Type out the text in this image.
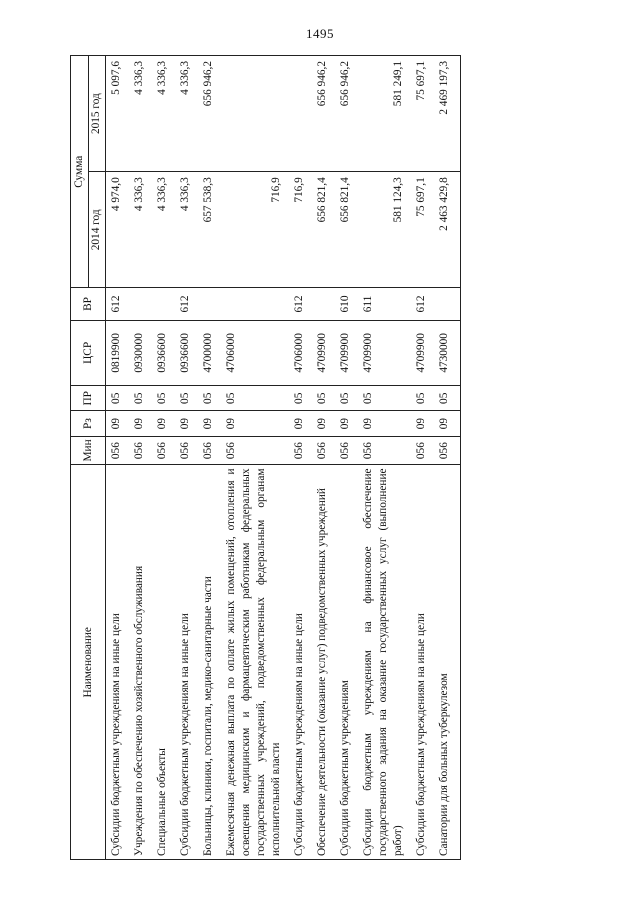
1495
Наименование	Мин	Рз	ПР	ЦСР	ВР	Сумма	
						2014 год	2015 год
Субсидии бюджетным учреждениям на иные цели	056	09	05	0819900	612	4 974,0	5 097,6
Учреждения по обеспечению хозяйственного обслуживания	056	09	05	0930000		4 336,3	4 336,3
Специальные объекты	056	09	05	0936600		4 336,3	4 336,3
Субсидии бюджетным учреждениям на иные цели	056	09	05	0936600	612	4 336,3	4 336,3
Больницы, клиники, госпитали, медико-санитарные части	056	09	05	4700000		657 538,3	656 946,2
Ежемесячная денежная выплата по оплате жилых помещений, отопления и освещения медицинским и фармацевтическим работникам федеральных государственных учреждений, подведомственных федеральным органам исполнительной власти	056	09	05	4706000		716,9	
Субсидии бюджетным учреждениям на иные цели	056	09	05	4706000	612	716,9	
Обеспечение деятельности (оказание услуг) подведомственных учреждений	056	09	05	4709900		656 821,4	656 946,2
Субсидии бюджетным учреждениям	056	09	05	4709900	610	656 821,4	656 946,2
Субсидии бюджетным учреждениям на финансовое обеспечение государственного задания на оказание государственных услуг (выполнение работ)	056	09	05	4709900	611	581 124,3	581 249,1
Субсидии бюджетным учреждениям на иные цели	056	09	05	4709900	612	75 697,1	75 697,1
Санатории для больных туберкулезом	056	09	05	4730000		2 463 429,8	2 469 197,3
